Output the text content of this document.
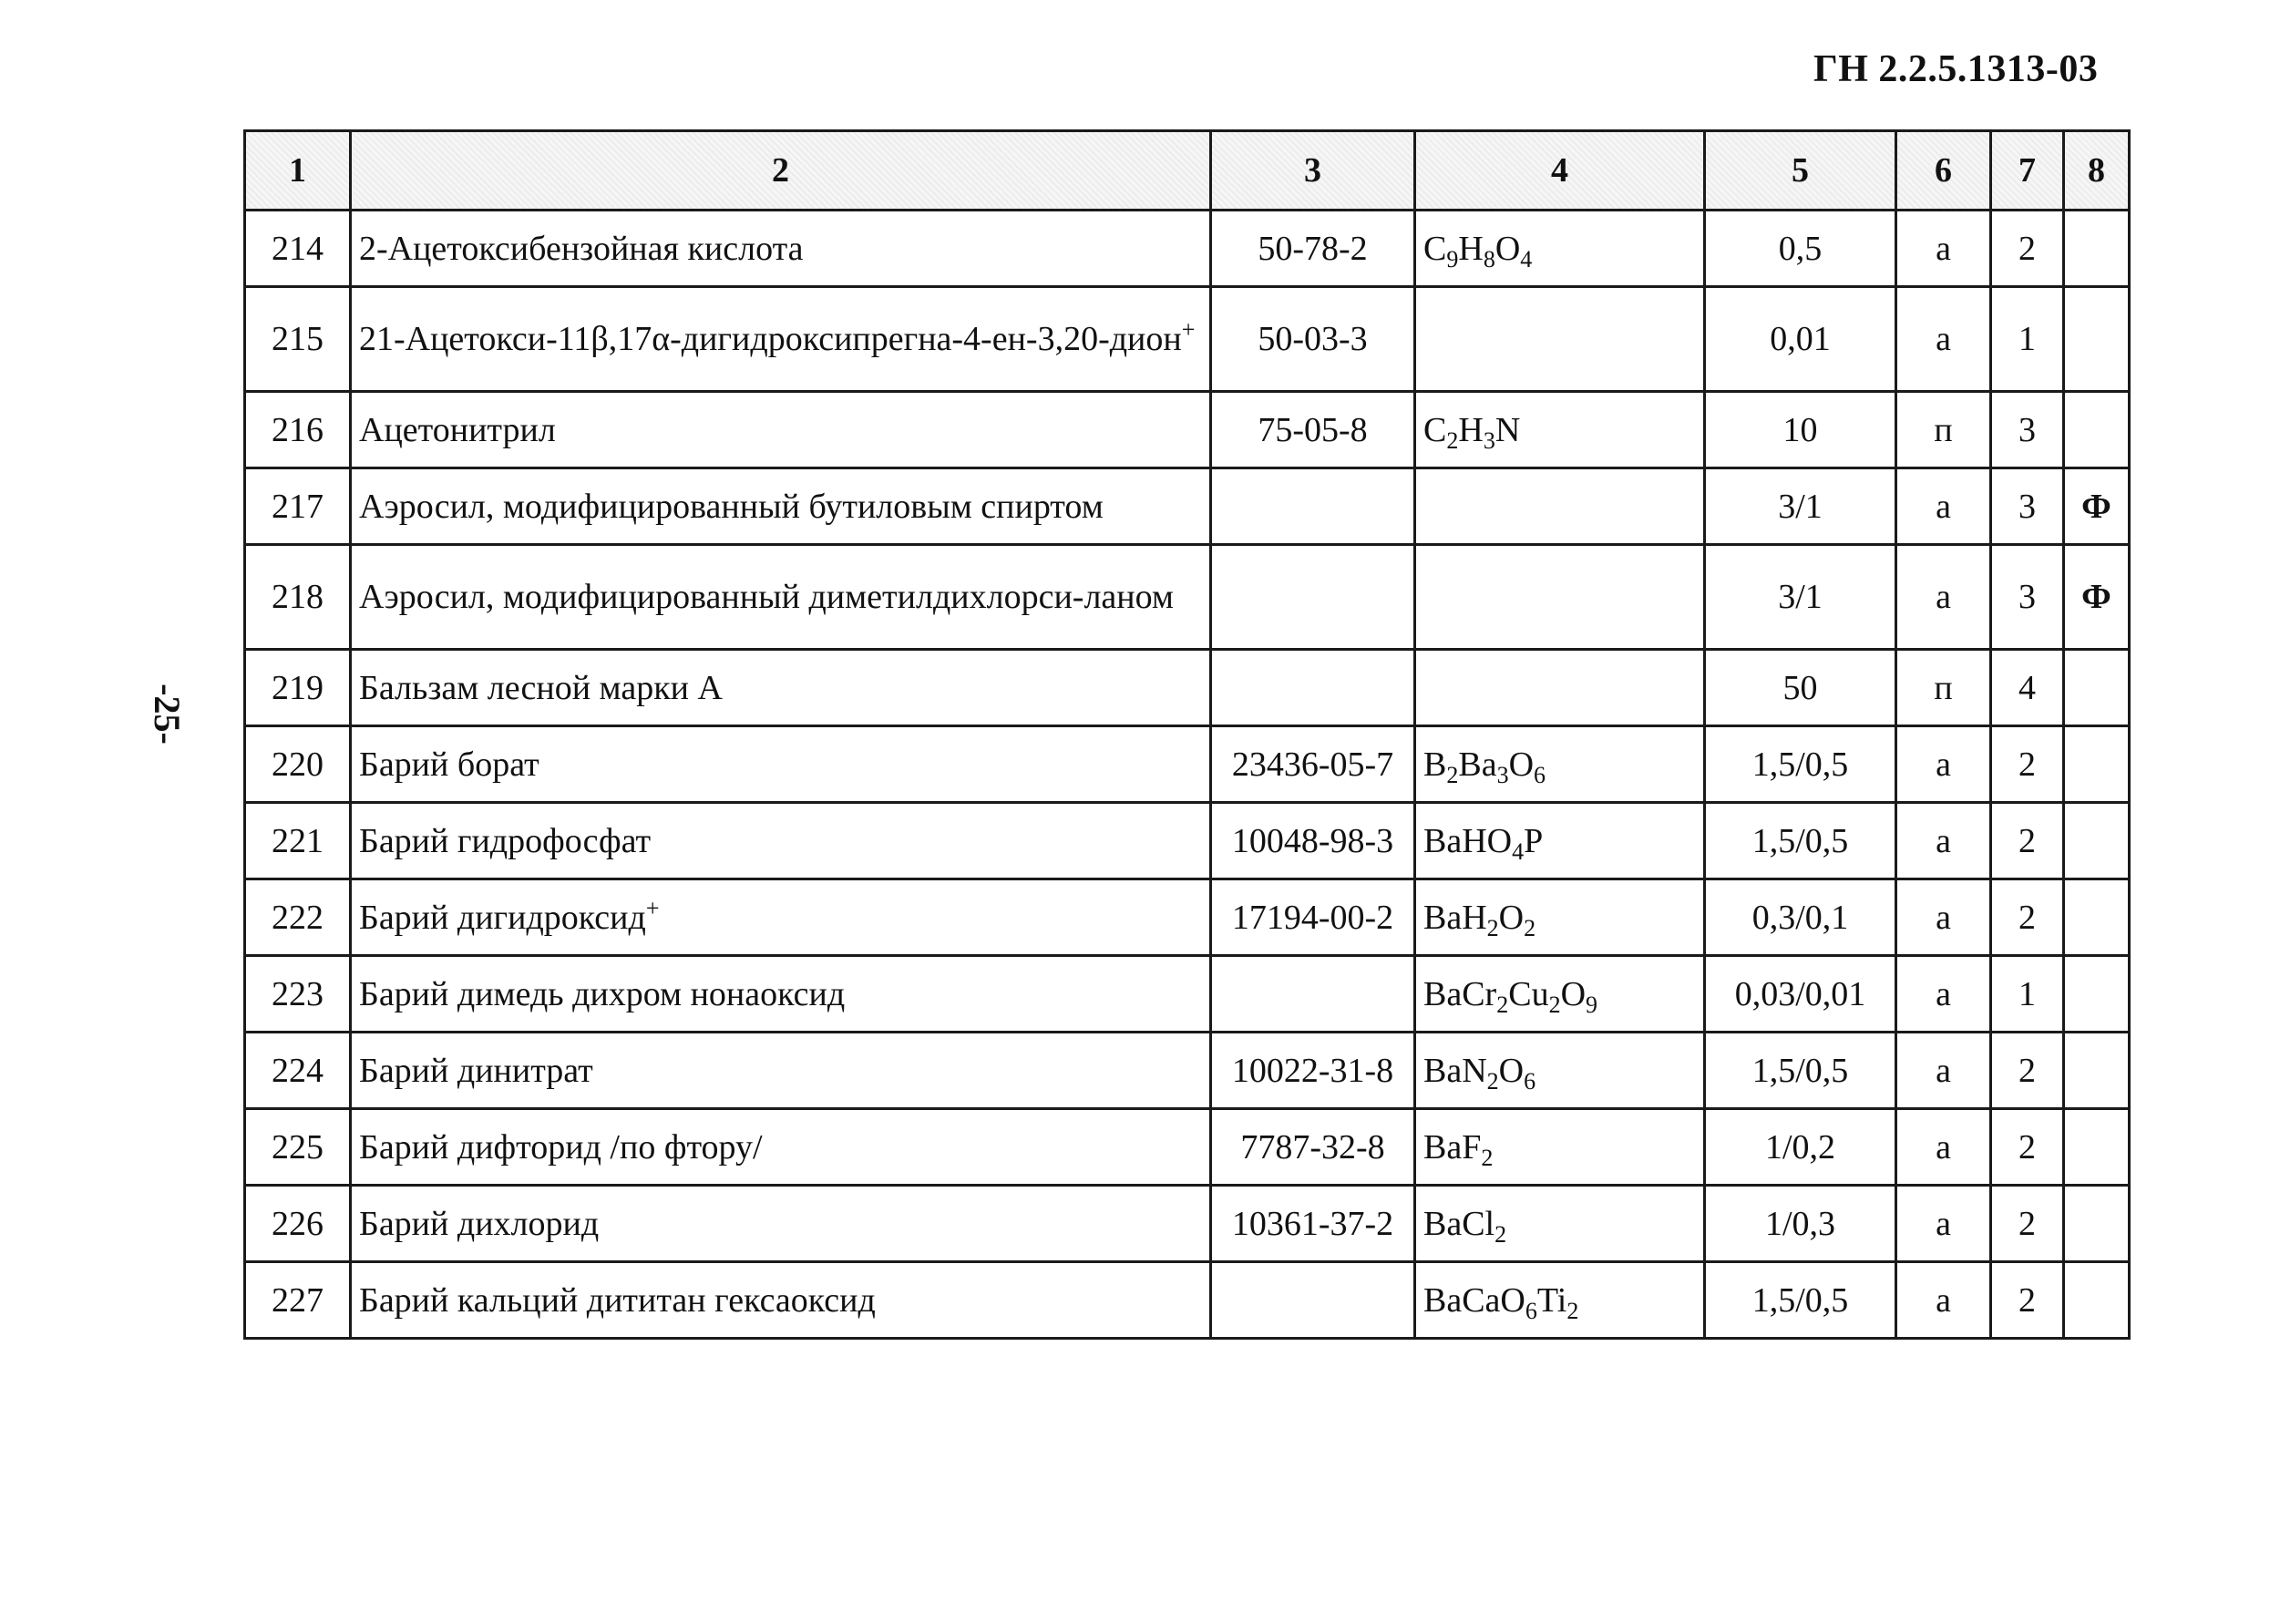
ГН 2.2.5.1313-03
-25-
1	2	3	4	5	6	7	8
214	2-Ацетоксибензойная кислота	50-78-2	$C_9H_8O_4$	0,5	а	2	
215	21-Ацетокси-11β,17α-дигидроксипрегна-4-ен-3,20-дион+	50-03-3		0,01	а	1	
216	Ацетонитрил	75-05-8	$C_2H_3N$	10	п	3	
217	Аэросил, модифицированный бутиловым спиртом			3/1	а	3	Ф
218	Аэросил, модифицированный диметилдихлорси-ланом			3/1	а	3	Ф
219	Бальзам лесной марки А			50	п	4	
220	Барий борат	23436-05-7	$B_2Ba_3O_6$	1,5/0,5	а	2	
221	Барий гидрофосфат	10048-98-3	BaHO$_4$P	1,5/0,5	а	2	
222	Барий дигидроксид+	17194-00-2	$BaH_2O_2$	0,3/0,1	а	2	
223	Барий димедь дихром нонаоксид		$BaCr_2Cu_2O_9$	0,03/0,01	а	1	
224	Барий динитрат	10022-31-8	$BaN_2O_6$	1,5/0,5	а	2	
225	Барий дифторид /по фтору/	7787-32-8	BaF$_2$	1/0,2	а	2	
226	Барий дихлорид	10361-37-2	BaCl$_2$	1/0,3	а	2	
227	Барий кальций дититан гексаоксид		$BaCaO_6Ti_2$	1,5/0,5	а	2	
